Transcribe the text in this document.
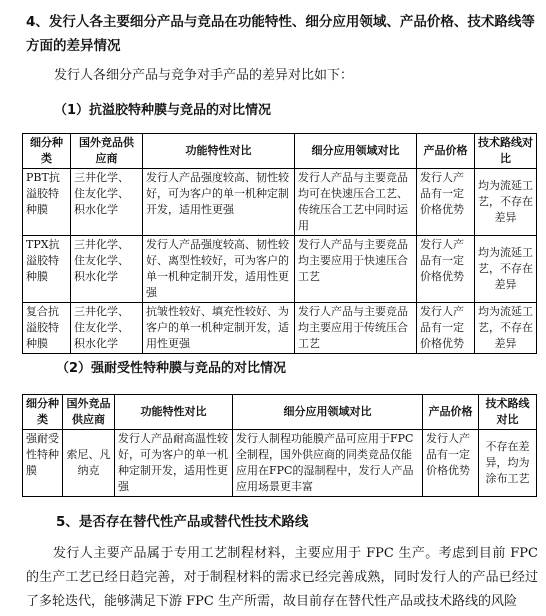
4、发行人各主要细分产品与竞品在功能特性、细分应用领域、产品价格、技术路线等方面的差异情况
发行人各细分产品与竞争对手产品的差异对比如下：
（1）抗溢胶特种膜与竞品的对比情况
细分种类	国外竞品供应商	功能特性对比	细分应用领域对比	产品价格	技术路线对比
PBT抗溢胶特种膜	三井化学、住友化学、积水化学	发行人产品强度较高、韧性较好，可为客户的单一机种定制开发，适用性更强	发行人产品与主要竞品均可在快速压合工艺、传统压合工艺中同时运用	发行人产品有一定价格优势	均为流延工艺，不存在差异
TPX抗溢胶特种膜	三井化学、住友化学、积水化学	发行人产品强度较高、韧性较好、离型性较好，可为客户的单一机种定制开发，适用性更强	发行人产品与主要竞品均主要应用于快速压合工艺	发行人产品有一定价格优势	均为流延工艺，不存在差异
复合抗溢胶特种膜	三井化学、住友化学、积水化学	抗皱性较好、填充性较好、为客户的单一机种定制开发，适用性更强	发行人产品与主要竞品均主要应用于传统压合工艺	发行人产品有一定价格优势	均为流延工艺，不存在差异
（2）强耐受性特种膜与竞品的对比情况
细分种类	国外竞品供应商	功能特性对比	细分应用领域对比	产品价格	技术路线对比
强耐受性特种膜	索尼、凡纳克	发行人产品耐高温性较好，可为客户的单一机种定制开发，适用性更强	发行人制程功能膜产品可应用于FPC全制程，国外供应商的同类竞品仅能应用在FPC的湿制程中，发行人产品应用场景更丰富	发行人产品有一定价格优势	不存在差异，均为涂布工艺
5、是否存在替代性产品或替代性技术路线
发行人主要产品属于专用工艺制程材料，主要应用于 FPC 生产。考虑到目前 FPC 的生产工艺已经日趋完善，对于制程材料的需求已经完善成熟，同时发行人的产品已经过了多轮迭代，能够满足下游 FPC 生产所需，故目前存在替代性产品或技术路线的风险
